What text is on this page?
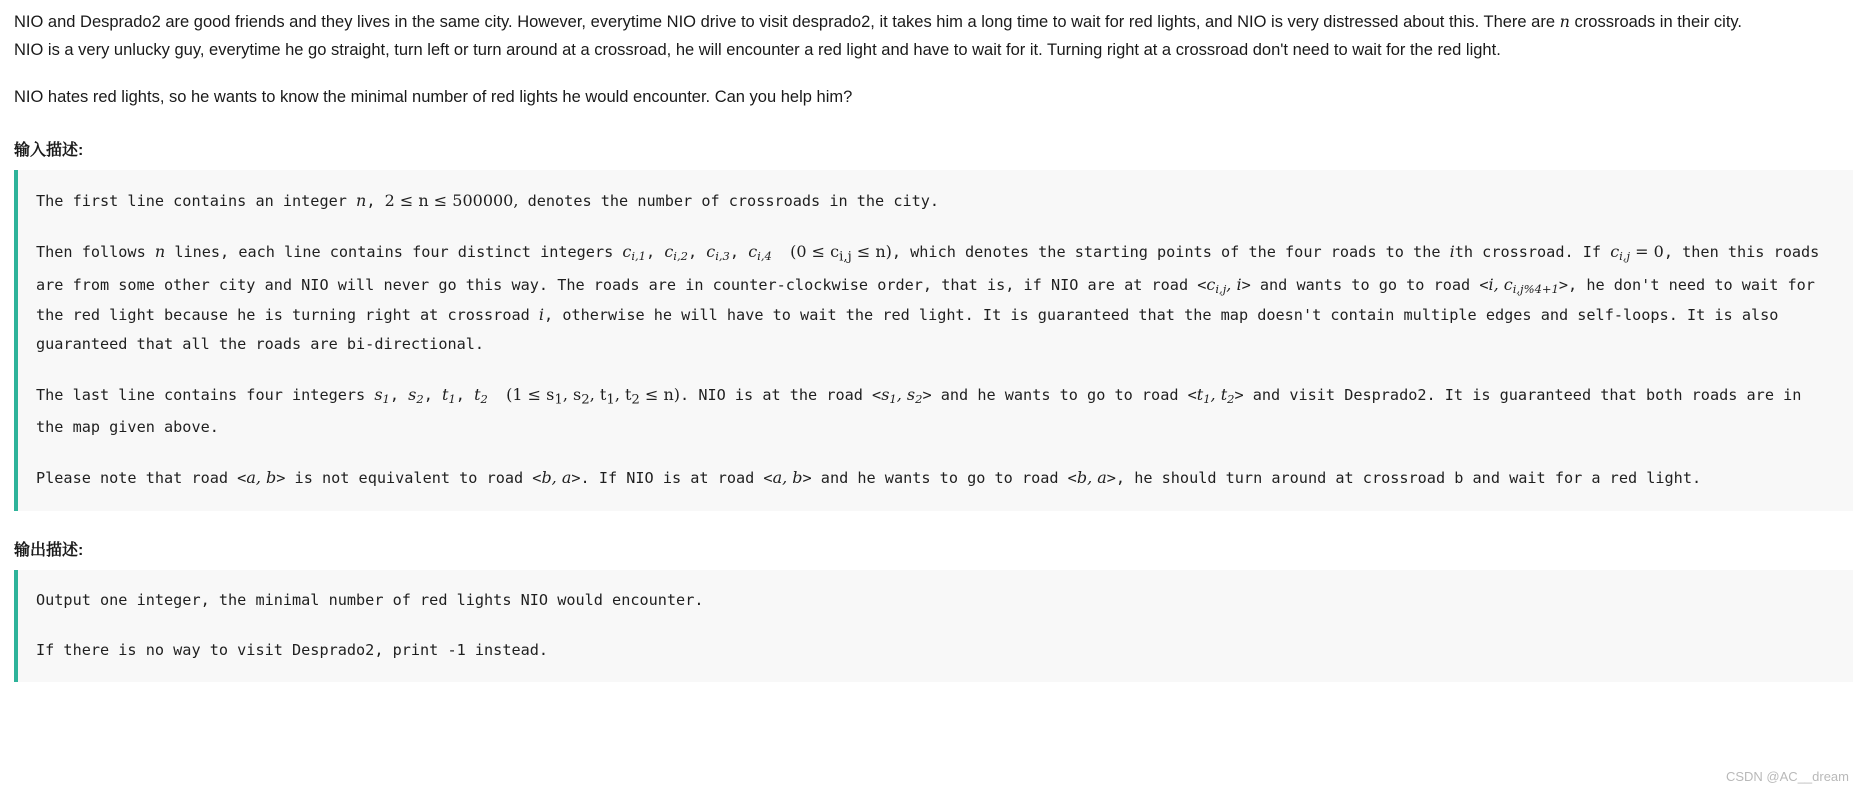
NIO and Desprado2 are good friends and they lives in the same city. However, everytime NIO drive to visit desprado2, it takes him a long time to wait for red lights, and NIO is very distressed about this. There are n crossroads in their city.

NIO is a very unlucky guy, everytime he go straight, turn left or turn around at a crossroad, he will encounter a red light and have to wait for it. Turning right at a crossroad don't need to wait for the red light.

NIO hates red lights, so he wants to know the minimal number of red lights he would encounter. Can you help him?

输入描述:
The first line contains an integer n, 2 ≤ n ≤ 500000, denotes the number of crossroads in the city.
Then follows n lines, each line contains four distinct integers $c_{i,1}$, $c_{i,2}$, $c_{i,3}$, $c_{i,4}$ $(0 \le c_{i,j} \le n)$, which denotes the starting points of the four roads to the ith crossroad. If $c_{i,j} = 0$, then this roads are from some other city and NIO will never go this way. The roads are in counter-clockwise order, that is, if NIO are at road $<c_{i,j}$, i> and wants to go to road <i, $c_{i,j\%4+1}>$, he don't need to wait for the red light because he is turning right at crossroad i, otherwise he will have to wait the red light. It is guaranteed that the map doesn't contain multiple edges and self-loops. It is also guaranteed that all the roads are bi-directional.
The last line contains four integers $s_1$, $s_2$, $t_1$, $t_2$ ($1 \le s_1$, $s_2$, $t_1$, $t_2 \le n$). NIO is at the road $<s_1$, $s_2>$ and he wants to go to road $<t_1$, $t_2>$ and visit Desprado2. It is guaranteed that both roads are in the map given above.
Please note that road <a, b> is not equivalent to road <b, a>. If NIO is at road <a, b> and he wants to go to road <b, a>, he should turn around at crossroad b and wait for a red light.
输出描述:
Output one integer, the minimal number of red lights NIO would encounter.
If there is no way to visit Desprado2, print -1 instead.
CSDN @AC__dream
